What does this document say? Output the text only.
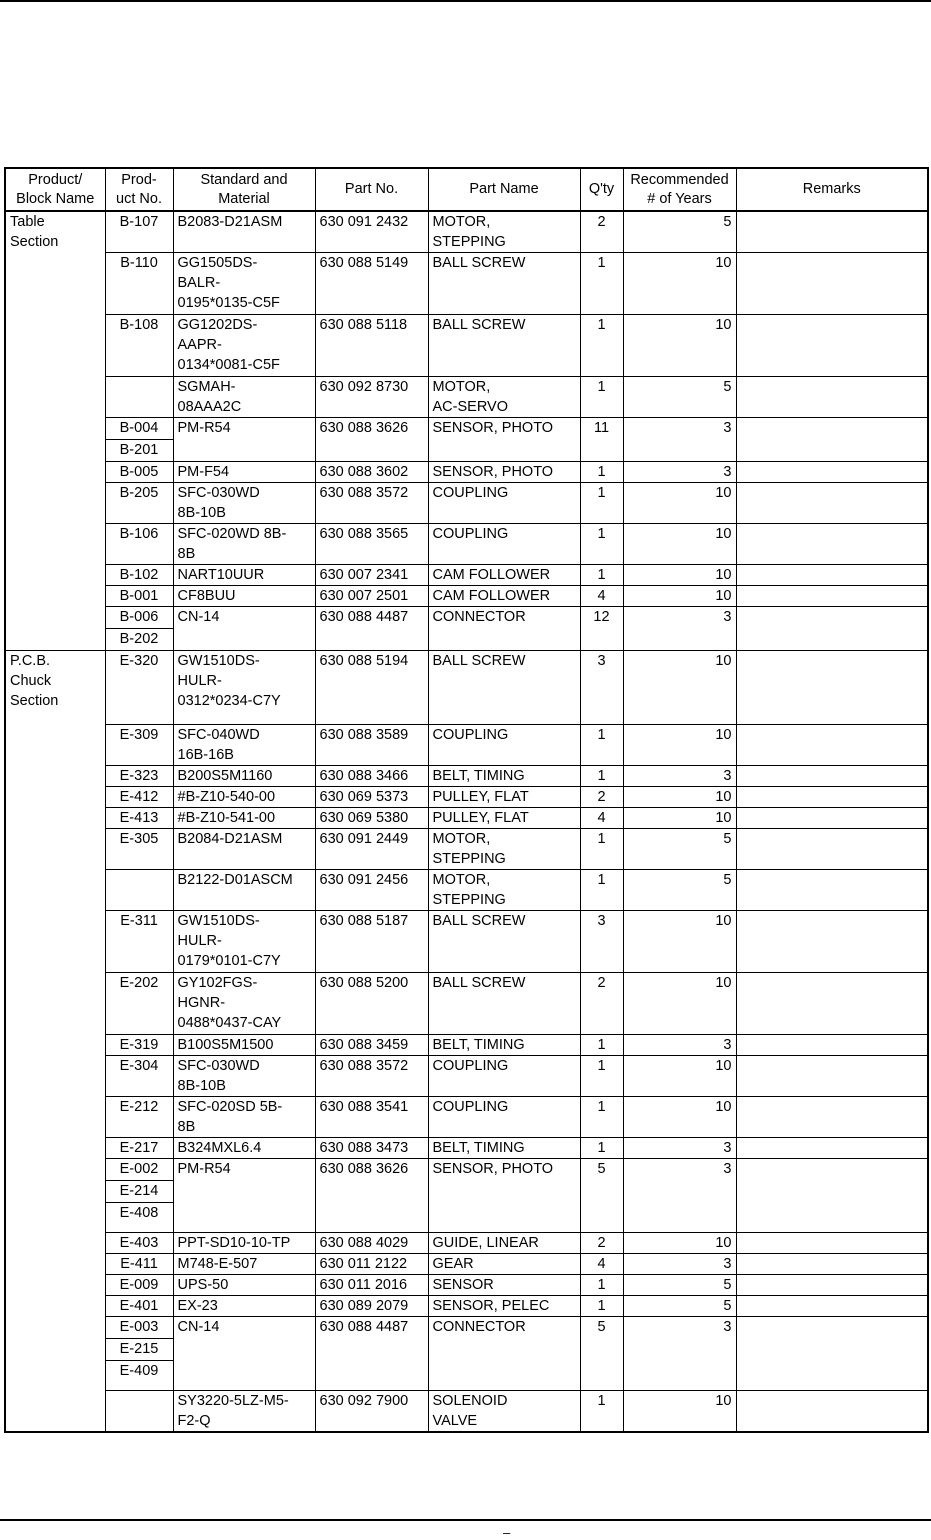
Product/
Block Name	Prod-
uct No.	Standard and
Material	Part No.	Part Name	Q'ty	Recommended
# of Years	Remarks
Table
Section	B-107	B2083-D21ASM	630 091 2432	MOTOR,
STEPPING	2	5	
	B-110	GG1505DS-
BALR-
0195*0135-C5F	630 088 5149	BALL SCREW	1	10	
	B-108	GG1202DS-
AAPR-
0134*0081-C5F	630 088 5118	BALL SCREW	1	10	
		SGMAH-
08AAA2C	630 092 8730	MOTOR,
AC-SERVO	1	5	
	B-004	PM-R54	630 088 3626	SENSOR, PHOTO	11	3	
	B-201						
	B-005	PM-F54	630 088 3602	SENSOR, PHOTO	1	3	
	B-205	SFC-030WD
8B-10B	630 088 3572	COUPLING	1	10	
	B-106	SFC-020WD 8B-
8B	630 088 3565	COUPLING	1	10	
	B-102	NART10UUR	630 007 2341	CAM FOLLOWER	1	10	
	B-001	CF8BUU	630 007 2501	CAM FOLLOWER	4	10	
	B-006	CN-14	630 088 4487	CONNECTOR	12	3	
	B-202						
P.C.B.
Chuck
Section	E-320	GW1510DS-
HULR-
0312*0234-C7Y	630 088 5194	BALL SCREW	3	10	
	E-309	SFC-040WD
16B-16B	630 088 3589	COUPLING	1	10	
	E-323	B200S5M1160	630 088 3466	BELT, TIMING	1	3	
	E-412	#B-Z10-540-00	630 069 5373	PULLEY, FLAT	2	10	
	E-413	#B-Z10-541-00	630 069 5380	PULLEY, FLAT	4	10	
	E-305	B2084-D21ASM	630 091 2449	MOTOR,
STEPPING	1	5	
		B2122-D01ASCM	630 091 2456	MOTOR,
STEPPING	1	5	
	E-311	GW1510DS-
HULR-
0179*0101-C7Y	630 088 5187	BALL SCREW	3	10	
	E-202	GY102FGS-
HGNR-
0488*0437-CAY	630 088 5200	BALL SCREW	2	10	
	E-319	B100S5M1500	630 088 3459	BELT, TIMING	1	3	
	E-304	SFC-030WD
8B-10B	630 088 3572	COUPLING	1	10	
	E-212	SFC-020SD 5B-
8B	630 088 3541	COUPLING	1	10	
	E-217	B324MXL6.4	630 088 3473	BELT, TIMING	1	3	
	E-002	PM-R54	630 088 3626	SENSOR, PHOTO	5	3	
	E-214						
	E-408						
	E-403	PPT-SD10-10-TP	630 088 4029	GUIDE, LINEAR	2	10	
	E-411	M748-E-507	630 011 2122	GEAR	4	3	
	E-009	UPS-50	630 011 2016	SENSOR	1	5	
	E-401	EX-23	630 089 2079	SENSOR, PELEC	1	5	
	E-003	CN-14	630 088 4487	CONNECTOR	5	3	
	E-215						
	E-409						
		SY3220-5LZ-M5-
F2-Q	630 092 7900	SOLENOID
VALVE	1	10	
–
